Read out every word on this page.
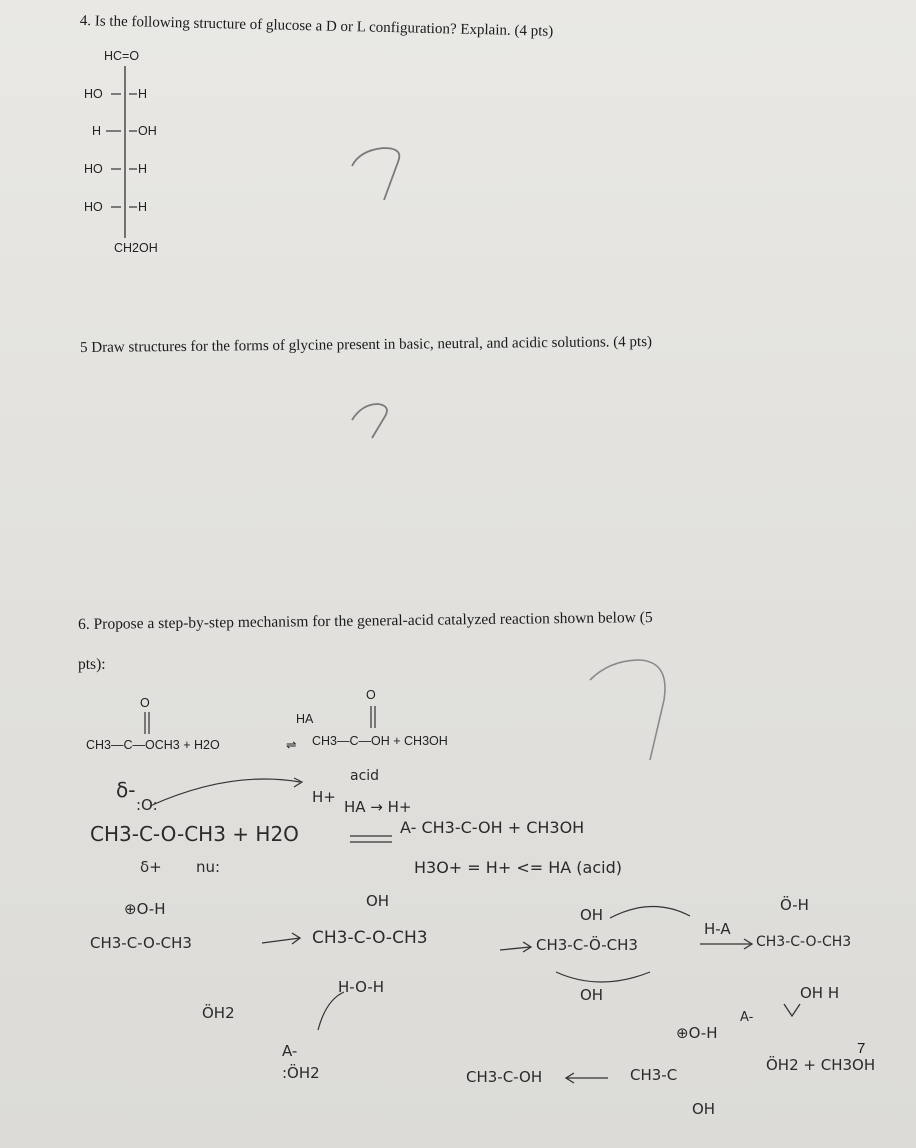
4. Is the following structure of glucose a D or L configuration? Explain. (4 pts)
5 Draw structures for the forms of glycine present in basic, neutral, and acidic solutions. (4 pts)
6. Propose a step-by-step mechanism for the general-acid catalyzed reaction shown below (5
pts):
HC=O
HO	H
H	OH
HO	H
HO	H
CH2OH
O
CH3—C—OCH3 + H2O
HA
⇌
O
CH3—C—OH + CH3OH
δ-
:O:	H+
acid
HA → H+
CH3-C-O-CH3 + H2O	A- CH3-C-OH + CH3OH
δ+ nu:	H3O+ = H+ <= HA (acid)
⊕O-H
CH3-C-O-CH3
ÖH2
OH
CH3-C-O-CH3
H-O-H
OH
CH3-C-Ö-CH3
OH
H-A
Ö-H
CH3-C-O-CH3
OH H
A-
:ÖH2	CH3-C-OH	CH3-C
OH
⊕O-H
A-
ÖH2 + CH3OH
7
